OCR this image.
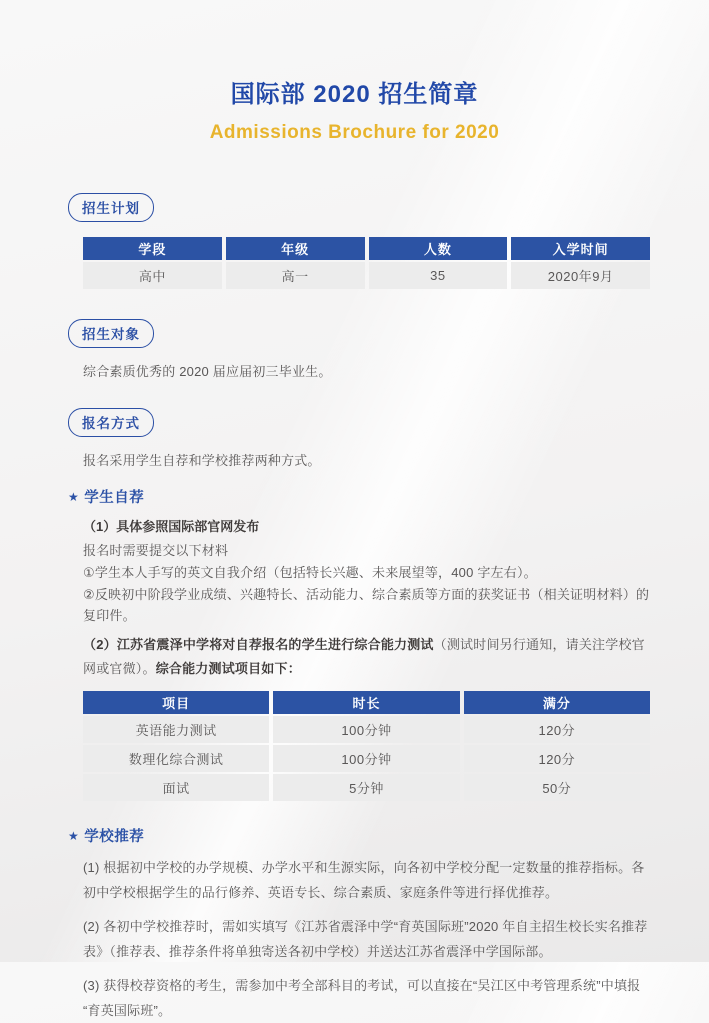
国际部 2020 招生简章
Admissions Brochure for 2020
招生计划
学段	年级	人数	入学时间
高中	高一	35	2020年9月
招生对象
综合素质优秀的 2020 届应届初三毕业生。
报名方式
报名采用学生自荐和学校推荐两种方式。
★ 学生自荐
（1）具体参照国际部官网发布
报名时需要提交以下材料
①学生本人手写的英文自我介绍（包括特长兴趣、未来展望等，400 字左右）。
②反映初中阶段学业成绩、兴趣特长、活动能力、综合素质等方面的获奖证书（相关证明材料）的复印件。
（2）江苏省震泽中学将对自荐报名的学生进行综合能力测试（测试时间另行通知，请关注学校官网或官微）。综合能力测试项目如下：
项目	时长	满分
英语能力测试	100分钟	120分
数理化综合测试	100分钟	120分
面试	5分钟	50分
★ 学校推荐
(1) 根据初中学校的办学规模、办学水平和生源实际，向各初中学校分配一定数量的推荐指标。各初中学校根据学生的品行修养、英语专长、综合素质、家庭条件等进行择优推荐。
(2) 各初中学校推荐时，需如实填写《江苏省震泽中学“育英国际班”2020 年自主招生校长实名推荐表》（推荐表、推荐条件将单独寄送各初中学校）并送达江苏省震泽中学国际部。
(3) 获得校荐资格的考生，需参加中考全部科目的考试，可以直接在“吴江区中考管理系统”中填报“育英国际班”。
